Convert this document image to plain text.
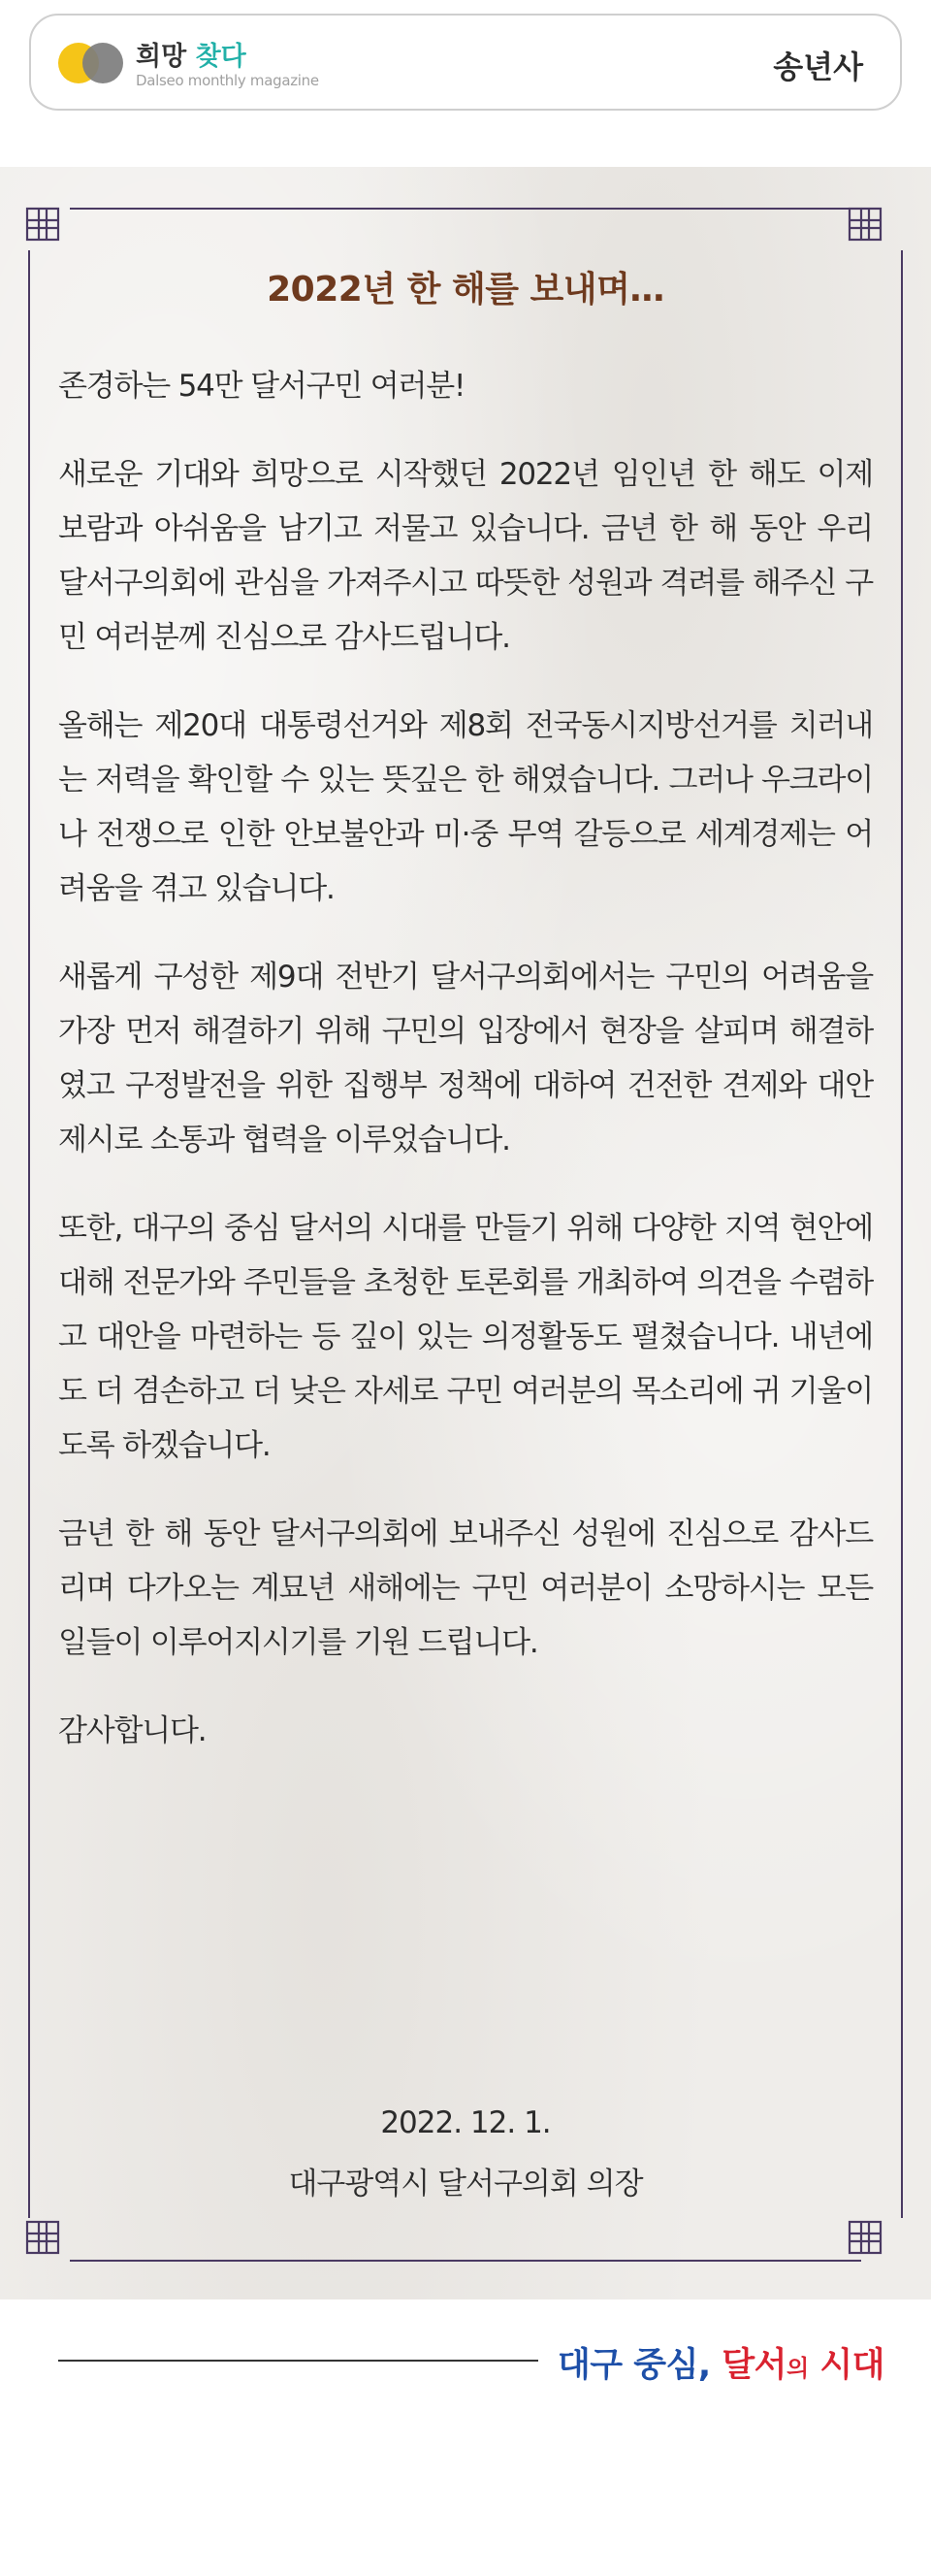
희망 찾다
Dalseo monthly magazine	송년사
2022년 한 해를 보내며…

존경하는 54만 달서구민 여러분!

새로운 기대와 희망으로 시작했던 2022년 임인년 한 해도 이제 보람과 아쉬움을 남기고 저물고 있습니다. 금년 한 해 동안 우리 달서구의회에 관심을 가져주시고 따뜻한 성원과 격려를 해주신 구민 여러분께 진심으로 감사드립니다.

올해는 제20대 대통령선거와 제8회 전국동시지방선거를 치러내는 저력을 확인할 수 있는 뜻깊은 한 해였습니다. 그러나 우크라이나 전쟁으로 인한 안보불안과 미·중 무역 갈등으로 세계경제는 어려움을 겪고 있습니다.

새롭게 구성한 제9대 전반기 달서구의회에서는 구민의 어려움을 가장 먼저 해결하기 위해 구민의 입장에서 현장을 살피며 해결하였고 구정발전을 위한 집행부 정책에 대하여 건전한 견제와 대안제시로 소통과 협력을 이루었습니다.

또한, 대구의 중심 달서의 시대를 만들기 위해 다양한 지역 현안에 대해 전문가와 주민들을 초청한 토론회를 개최하여 의견을 수렴하고 대안을 마련하는 등 깊이 있는 의정활동도 펼쳤습니다. 내년에도 더 겸손하고 더 낮은 자세로 구민 여러분의 목소리에 귀 기울이도록 하겠습니다.

금년 한 해 동안 달서구의회에 보내주신 성원에 진심으로 감사드리며 다가오는 계묘년 새해에는 구민 여러분이 소망하시는 모든 일들이 이루어지시기를 기원 드립니다.

감사합니다.

2022. 12. 1.
대구광역시 달서구의회 의장
대구 중심, 달서의 시대
